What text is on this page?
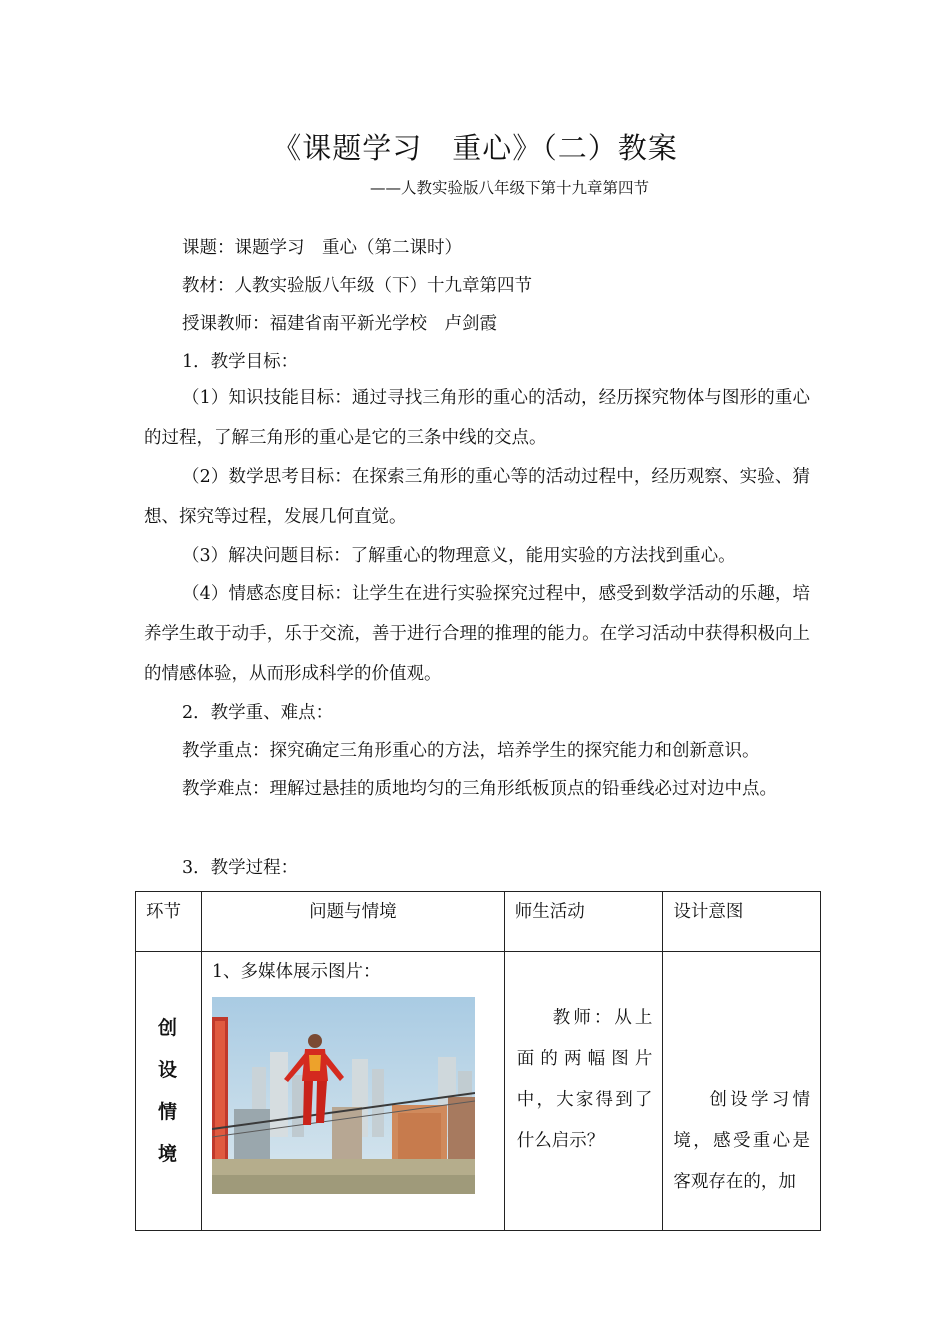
《课题学习　重心》（二）教案
——人教实验版八年级下第十九章第四节
课题：课题学习　重心（第二课时）
教材：人教实验版八年级（下）十九章第四节
授课教师：福建省南平新光学校　卢剑霞
1．教学目标：
（1）知识技能目标：通过寻找三角形的重心的活动，经历探究物体与图形的重心的过程，了解三角形的重心是它的三条中线的交点。
（2）数学思考目标：在探索三角形的重心等的活动过程中，经历观察、实验、猜想、探究等过程，发展几何直觉。
（3）解决问题目标：了解重心的物理意义，能用实验的方法找到重心。
（4）情感态度目标：让学生在进行实验探究过程中，感受到数学活动的乐趣，培养学生敢于动手，乐于交流，善于进行合理的推理的能力。在学习活动中获得积极向上的情感体验，从而形成科学的价值观。
2．教学重、难点：
教学重点：探究确定三角形重心的方法，培养学生的探究能力和创新意识。
教学难点：理解过悬挂的质地均匀的三角形纸板顶点的铅垂线必过对边中点。
3．教学过程：
环节	问题与情境	师生活动	设计意图

创设
情境	1、多媒体展示图片：	教师：从上面的两幅图片中，大家得到了什么启示？	创设学习情境，感受重心是客观存在的，加
